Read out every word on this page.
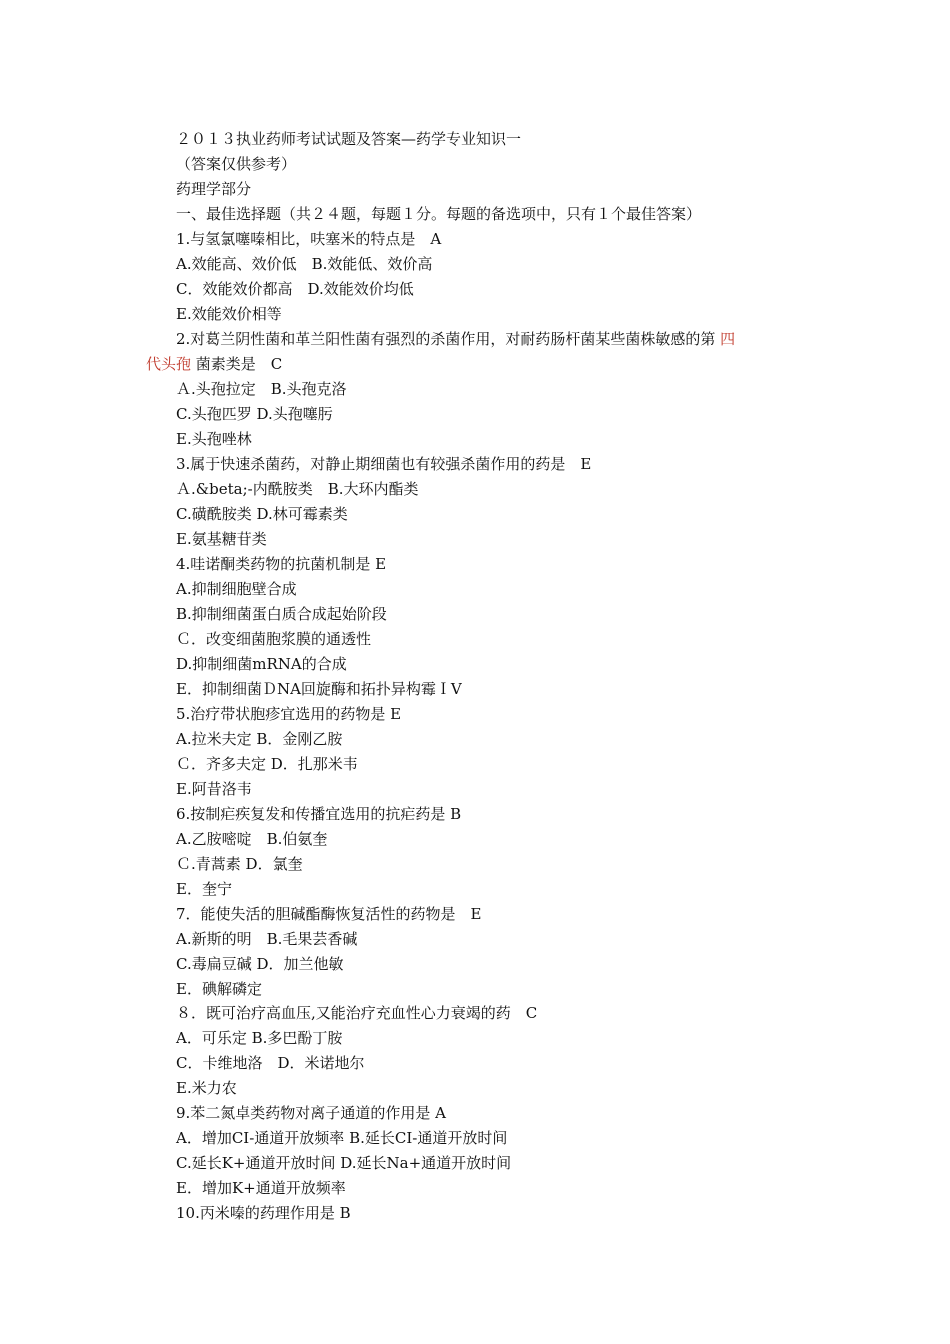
２０１３执业药师考试试题及答案—药学专业知识一
（答案仅供参考）
药理学部分
一、最佳选择题（共２４题，每题１分。每题的备选项中，只有１个最佳答案）
1.与氢氯噻嗪相比，呋塞米的特点是　A
A.效能高、效价低　B.效能低、效价高
C．效能效价都高　D.效能效价均低
E.效能效价相等
2.对葛兰阴性菌和革兰阳性菌有强烈的杀菌作用，对耐药肠杆菌某些菌株敏感的第 四
代头孢 菌素类是　C
Ａ.头孢拉定　B.头孢克洛
C.头孢匹罗 D.头孢噻肟
E.头孢唑林
3.属于快速杀菌药，对静止期细菌也有较强杀菌作用的药是　E
Ａ.&beta;-内酰胺类　B.大环内酯类
C.磺酰胺类 D.林可霉素类
E.氨基糖苷类
4.哇诺酮类药物的抗菌机制是 E
A.抑制细胞壁合成
B.抑制细菌蛋白质合成起始阶段
Ｃ．改变细菌胞浆膜的通透性
D.抑制细菌mRNA的合成
E．抑制细菌ＤNA回旋酶和拓扑异构霉ＩⅤ
5.治疗带状胞疹宜选用的药物是 E
A.拉米夫定 B．金刚乙胺
Ｃ．齐多夫定 D．扎那米韦
E.阿昔洛韦
6.按制疟疾复发和传播宜选用的抗疟药是 B
A.乙胺嘧啶　B.伯氨奎
Ｃ.青蒿素 D．氯奎
E．奎宁
7．能使失活的胆碱酯酶恢复活性的药物是　E
A.新斯的明　B.毛果芸香碱
C.毒扁豆碱 D．加兰他敏
E．碘解磷定
８．既可治疗高血压,又能治疗充血性心力衰竭的药　C
A．可乐定 B.多巴酚丁胺
C．卡维地洛　D．米诺地尔
E.米力农
9.苯二氮卓类药物对离子通道的作用是 A
A．增加CI-通道开放频率 B.延长CI-通道开放时间
C.延长K+通道开放时间 D.延长Na+通道开放时间
E．增加K+通道开放频率
10.丙米嗪的药理作用是 B
